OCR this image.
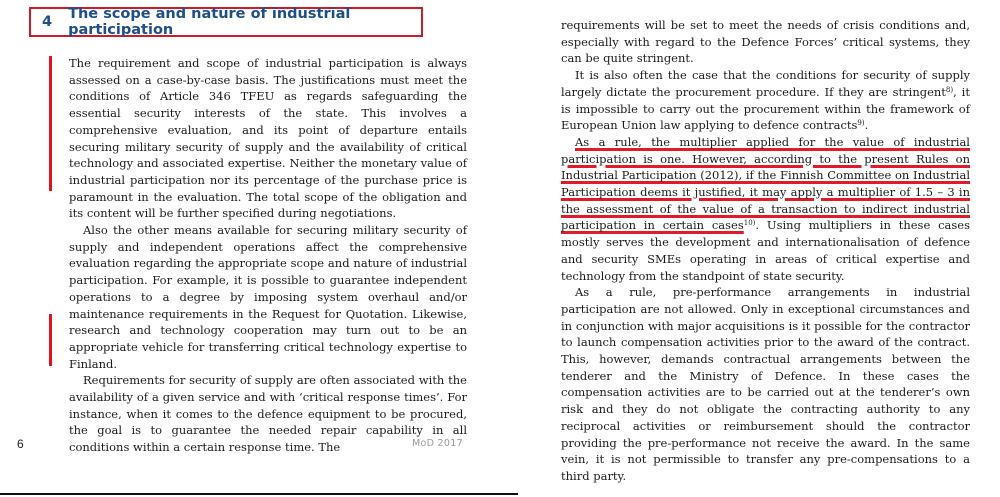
4 The scope and nature of industrial participation

The requirement and scope of industrial participation is always assessed on a case-by-case basis. The justifications must meet the conditions of Article 346 TFEU as regards safeguarding the essential security interests of the state. This involves a comprehensive evaluation, and its point of departure entails securing military security of supply and the availability of critical technology and associated expertise. Neither the monetary value of industrial participation nor its percentage of the purchase price is paramount in the evaluation. The total scope of the obligation and its content will be further specified during negotiations.

Also the other means available for securing military security of supply and independent operations affect the comprehensive evaluation regarding the appropriate scope and nature of industrial participation. For example, it is possible to guarantee independent operations to a degree by imposing system overhaul and/or maintenance requirements in the Request for Quotation. Likewise, research and technology cooperation may turn out to be an appropriate vehicle for transferring critical technology expertise to Finland.

Requirements for security of supply are often associated with the availability of a given service and with ‘critical response times’. For instance, when it comes to the defence equipment to be procured, the goal is to guarantee the needed repair capability in all conditions within a certain response time. The

6	MoD 2017

requirements will be set to meet the needs of crisis conditions and, especially with regard to the Defence Forces’ critical systems, they can be quite stringent.

It is also often the case that the conditions for security of supply largely dictate the procurement procedure. If they are stringent$^{8)}$, it is impossible to carry out the procurement within the framework of European Union law applying to defence contracts$^{9)}$.

As a rule, the multiplier applied for the value of industrial participation is one. However, according to the present Rules on Industrial Participation (2012), if the Finnish Committee on Industrial Participation deems it justified, it may apply a multiplier of 1.5 – 3 in the assessment of the value of a transaction to indirect industrial participation in certain cases$^{10)}$. Using multipliers in these cases mostly serves the development and internationalisation of defence and security SMEs operating in areas of critical expertise and technology from the standpoint of state security.

As a rule, pre-performance arrangements in industrial participation are not allowed. Only in exceptional circumstances and in conjunction with major acquisitions is it possible for the contractor to launch compensation activities prior to the award of the contract. This, however, demands contractual arrangements between the tenderer and the Ministry of Defence. In these cases the compensation activities are to be carried out at the tenderer’s own risk and they do not obligate the contracting authority to any reciprocal activities or reimbursement should the contractor providing the pre-performance not receive the award. In the same vein, it is not permissible to transfer any pre-compensations to a third party.
